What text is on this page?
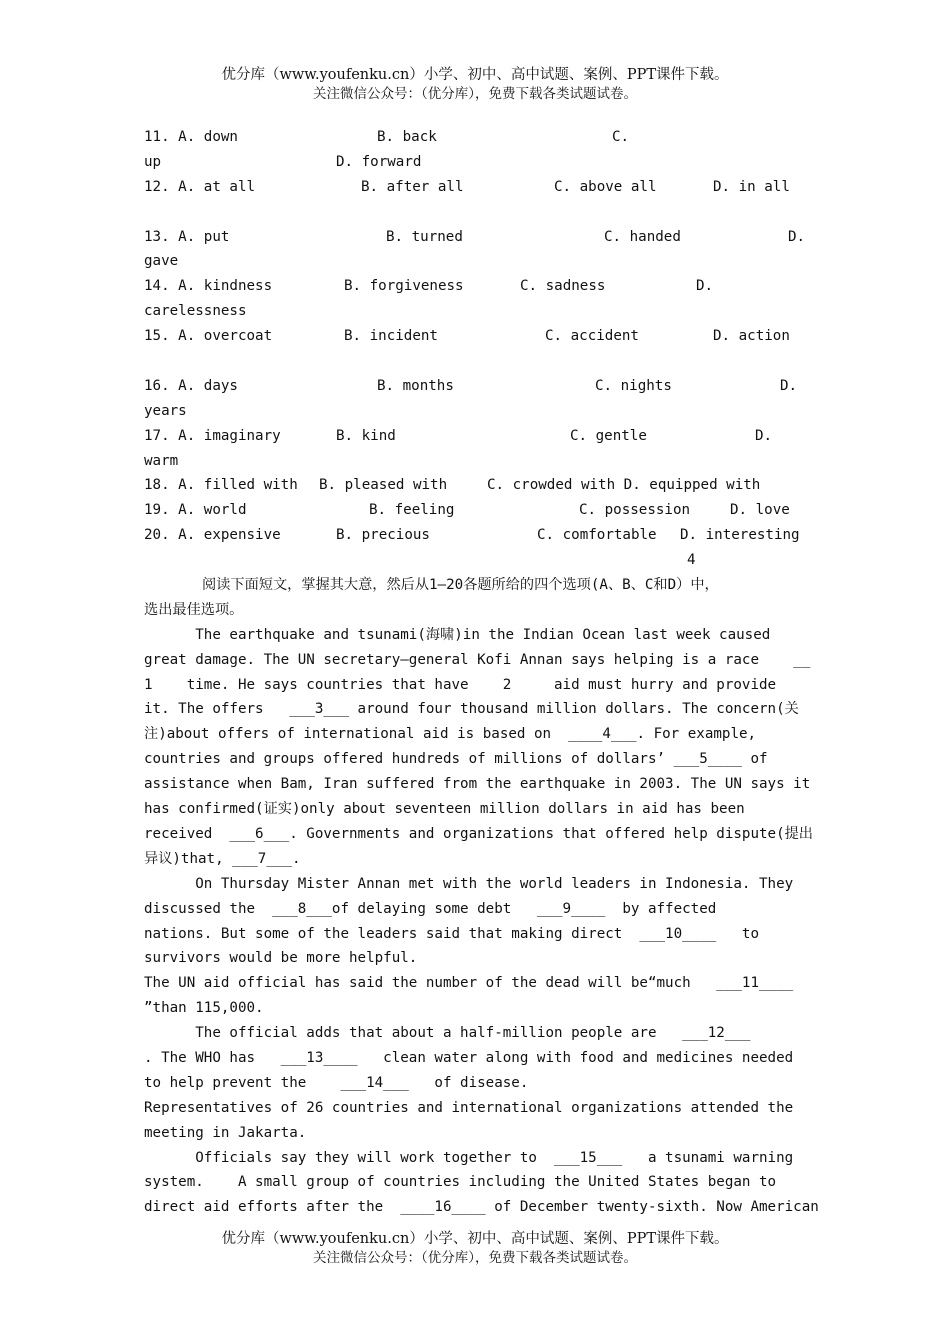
优分库（www.youfenku.cn）小学、初中、高中试题、案例、PPT课件下载。
关注微信公众号：（优分库），免费下载各类试题试卷。
11. A. down	B. back	C.
up	D. forward
12. A. at all	B. after all	C. above all	D. in all
13. A. put	B. turned	C. handed	D.
gave
14. A. kindness	B. forgiveness	C. sadness	D.
carelessness
15. A. overcoat	B. incident	C. accident	D. action
16. A. days	B. months	C. nights	D.
years
17. A. imaginary	B. kind	C. gentle	D.
warm
18. A. filled with B. pleased with	C. crowded with D. equipped with
19. A. world	B. feeling	C. possession	D. love
20. A. expensive	B. precious	C. comfortable D. interesting
4

阅读下面短文，掌握其大意，然后从1—20各题所给的四个选项(A、B、C和D）中，
选出最佳选项。
The earthquake and tsunami(海啸)in the Indian Ocean last week caused
great damage. The UN secretary—general Kofi Annan says helping is a race    __
1    time. He says countries that have    2     aid must hurry and provide
it. The offers   ___3___ around four thousand million dollars. The concern(关
注)about offers of international aid is based on  ____4___. For example,
countries and groups offered hundreds of millions of dollars’ ___5____ of
assistance when Bam, Iran suffered from the earthquake in 2003. The UN says it
has confirmed(证实)only about seventeen million dollars in aid has been
received  ___6___. Governments and organizations that offered help dispute(提出
异议)that, ___7___.
On Thursday Mister Annan met with the world leaders in Indonesia. They
discussed the  ___8___of delaying some debt   ___9____  by affected
nations. But some of the leaders said that making direct  ___10____   to
survivors would be more helpful.
The UN aid official has said the number of the dead will be“much   ___11____
”than 115,000.
The official adds that about a half-million people are   ___12___
. The WHO has   ___13____   clean water along with food and medicines needed
to help prevent the    ___14___   of disease.
Representatives of 26 countries and international organizations attended the
meeting in Jakarta.
Officials say they will work together to  ___15___   a tsunami warning
system.    A small group of countries including the United States began to
direct aid efforts after the  ____16____ of December twenty-sixth. Now American
优分库（www.youfenku.cn）小学、初中、高中试题、案例、PPT课件下载。
关注微信公众号：（优分库），免费下载各类试题试卷。
